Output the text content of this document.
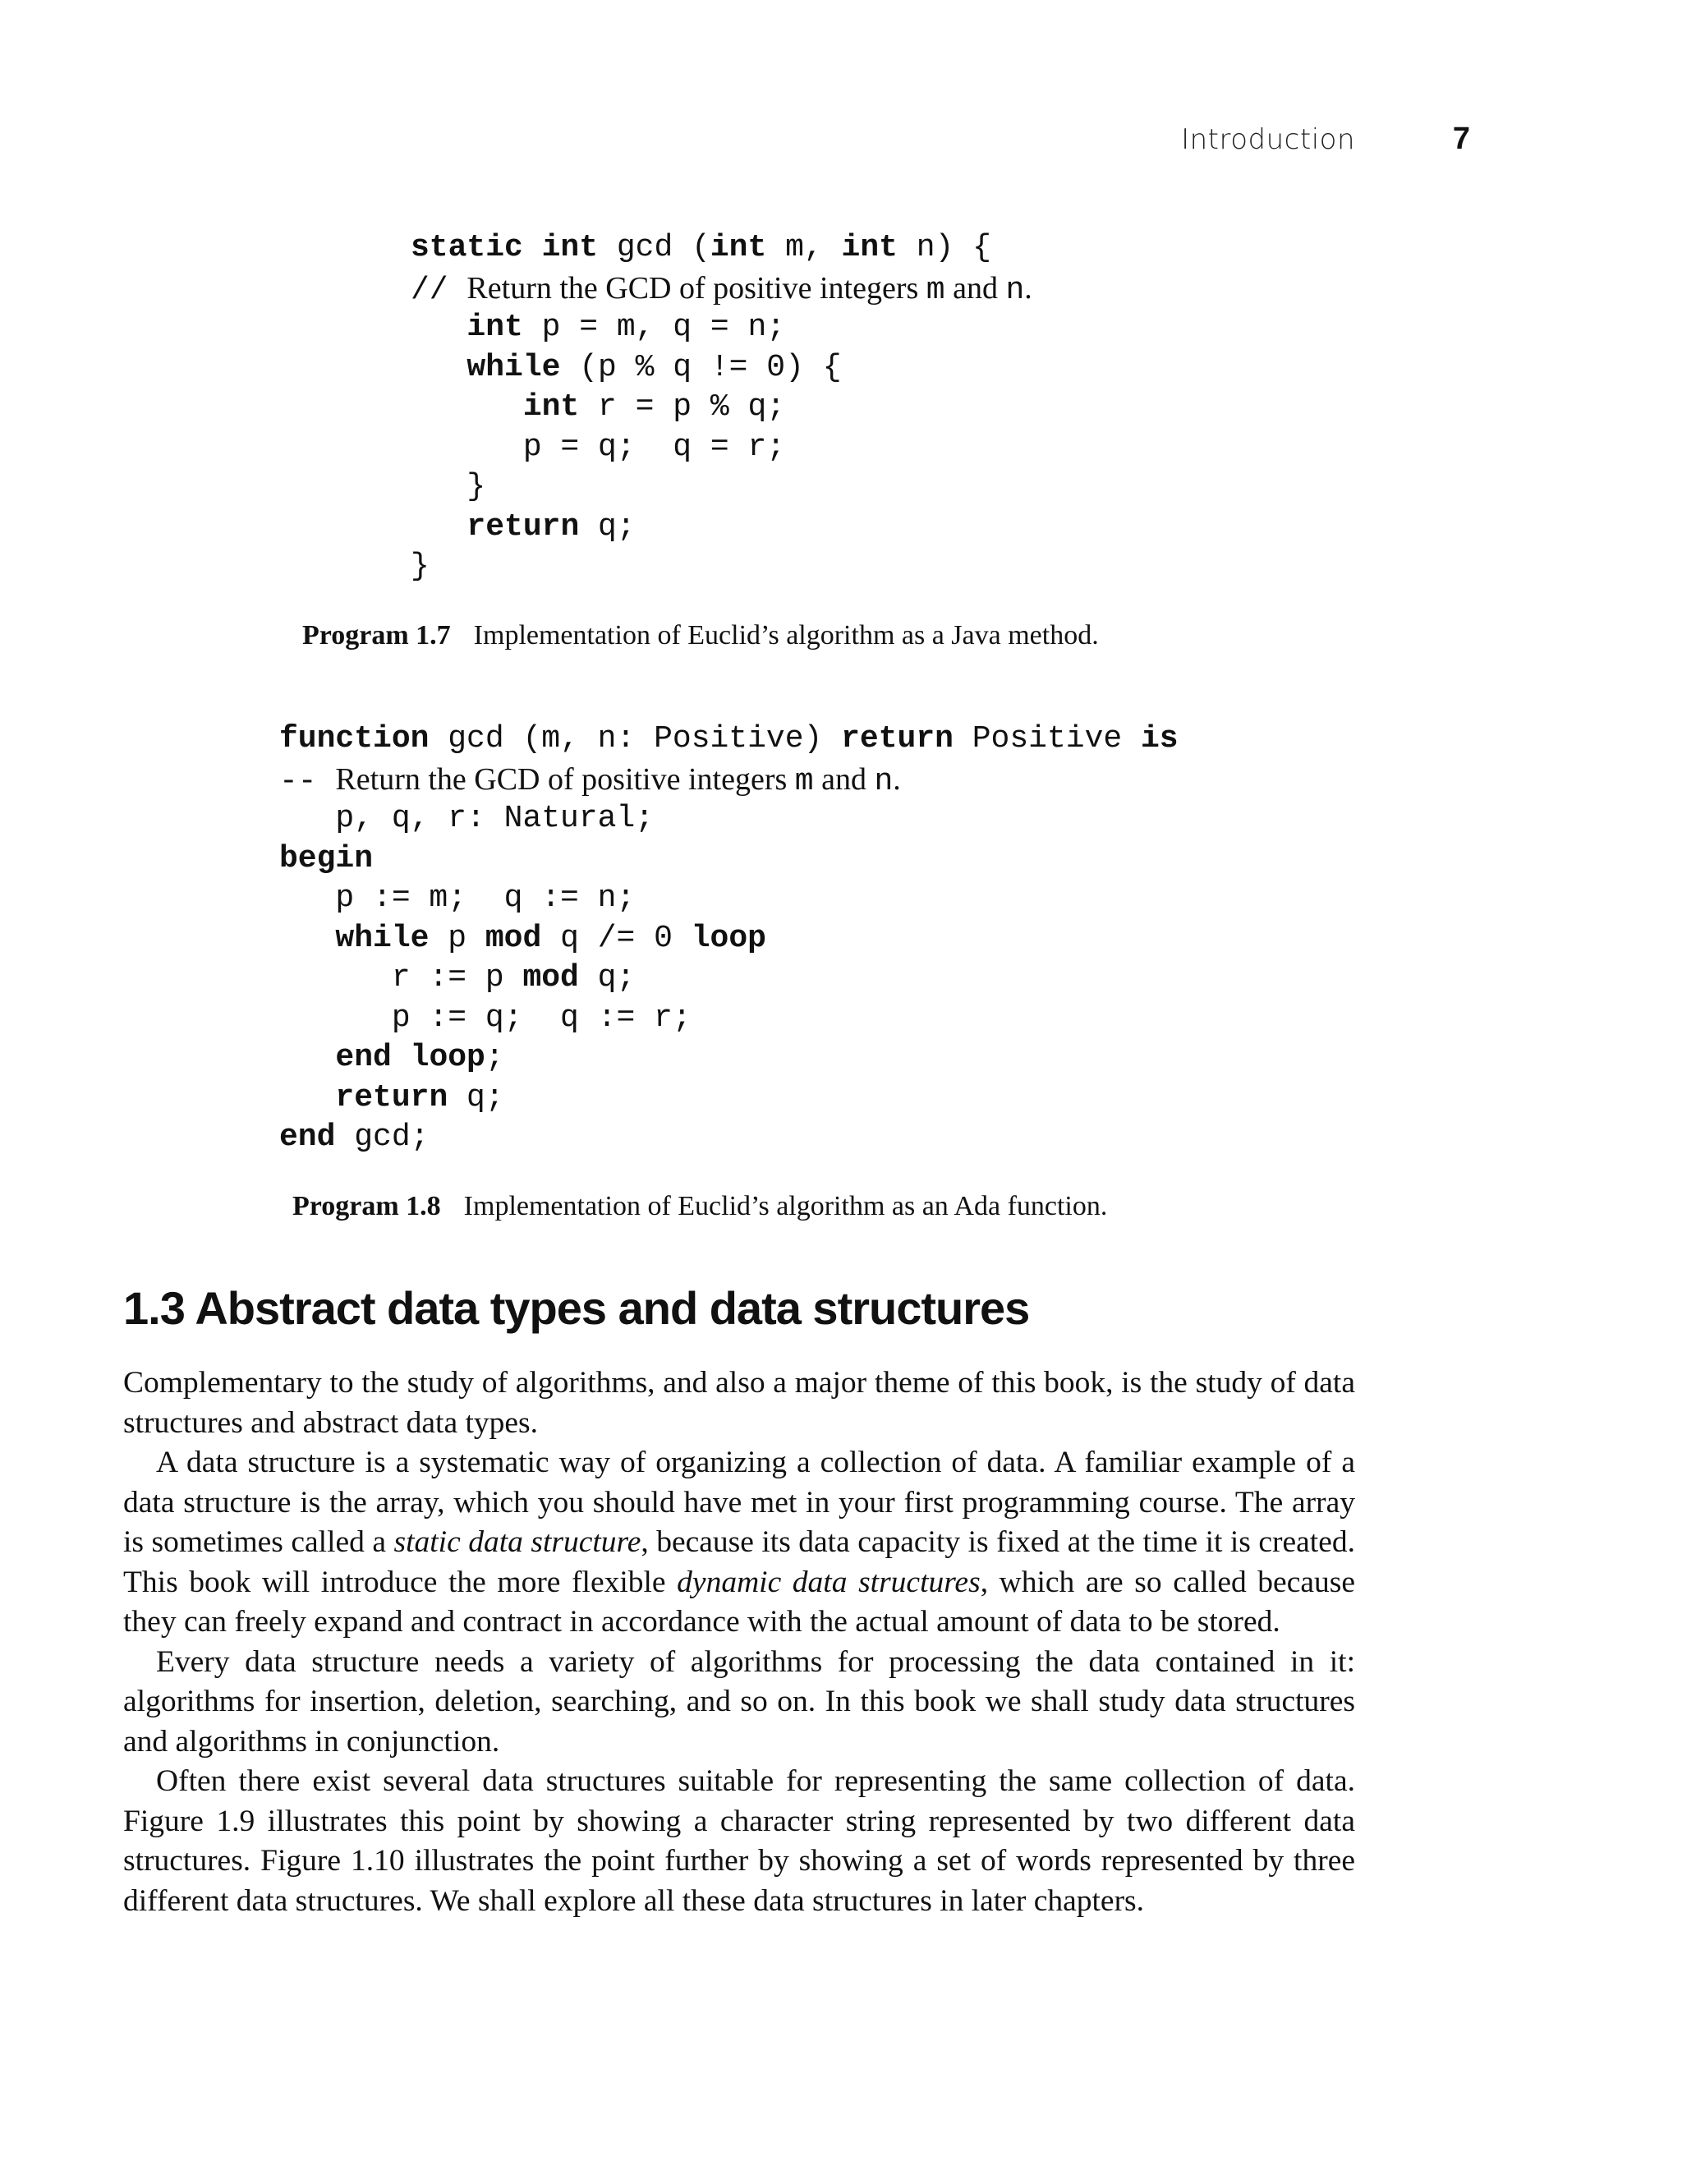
Introduction	7
static int gcd (int m, int n) {
// Return the GCD of positive integers m and n.
int p = m, q = n;
while (p % q != 0) {
int r = p % q;
p = q;  q = r;
}
return q;
}
Program 1.7 Implementation of Euclid’s algorithm as a Java method.
function gcd (m, n: Positive) return Positive is
-- Return the GCD of positive integers m and n.
p, q, r: Natural;
begin
p := m;  q := n;
while p mod q /= 0 loop
r := p mod q;
p := q;  q := r;
end loop;
return q;
end gcd;
Program 1.8 Implementation of Euclid’s algorithm as an Ada function.
1.3 Abstract data types and data structures

Complementary to the study of algorithms, and also a major theme of this book, is the study of data structures and abstract data types.

A data structure is a systematic way of organizing a collection of data. A familiar example of a data structure is the array, which you should have met in your first programming course. The array is sometimes called a static data structure, because its data capacity is fixed at the time it is created. This book will introduce the more flexible dynamic data structures, which are so called because they can freely expand and contract in accordance with the actual amount of data to be stored.

Every data structure needs a variety of algorithms for processing the data contained in it: algorithms for insertion, deletion, searching, and so on. In this book we shall study data structures and algorithms in conjunction.

Often there exist several data structures suitable for representing the same collection of data. Figure 1.9 illustrates this point by showing a character string represented by two different data structures. Figure 1.10 illustrates the point further by showing a set of words represented by three different data structures. We shall explore all these data structures in later chapters.
